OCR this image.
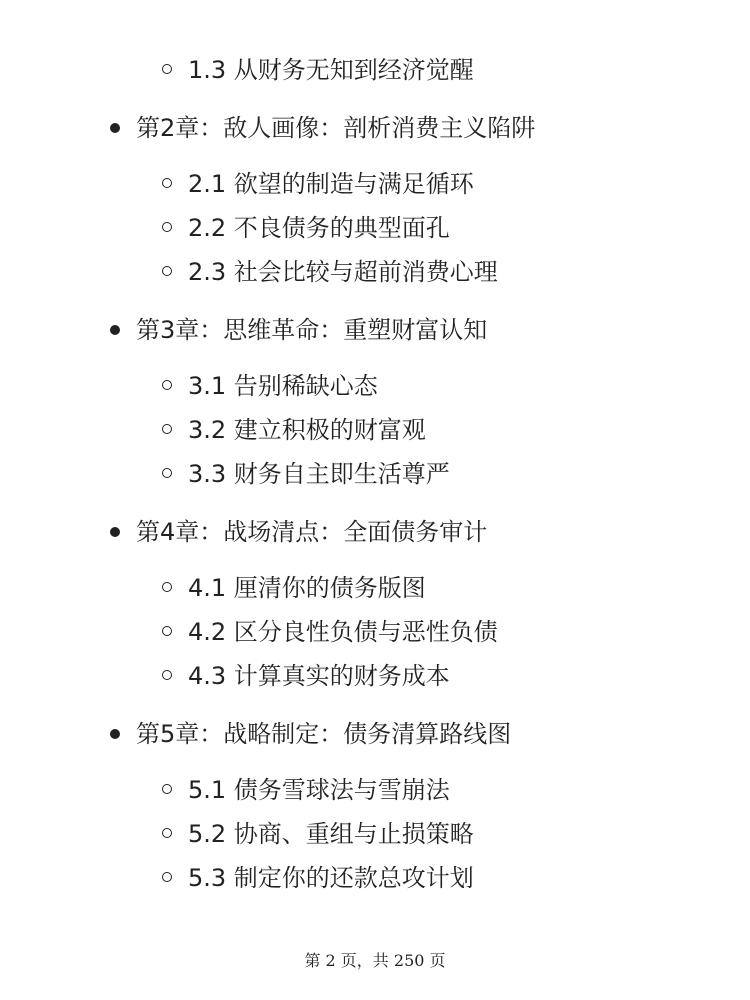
1.3 从财务无知到经济觉醒
第2章：敌人画像：剖析消费主义陷阱
2.1 欲望的制造与满足循环
2.2 不良债务的典型面孔
2.3 社会比较与超前消费心理
第3章：思维革命：重塑财富认知
3.1 告别稀缺心态
3.2 建立积极的财富观
3.3 财务自主即生活尊严
第4章：战场清点：全面债务审计
4.1 厘清你的债务版图
4.2 区分良性负债与恶性负债
4.3 计算真实的财务成本
第5章：战略制定：债务清算路线图
5.1 债务雪球法与雪崩法
5.2 协商、重组与止损策略
5.3 制定你的还款总攻计划
第 2 页，共 250 页
